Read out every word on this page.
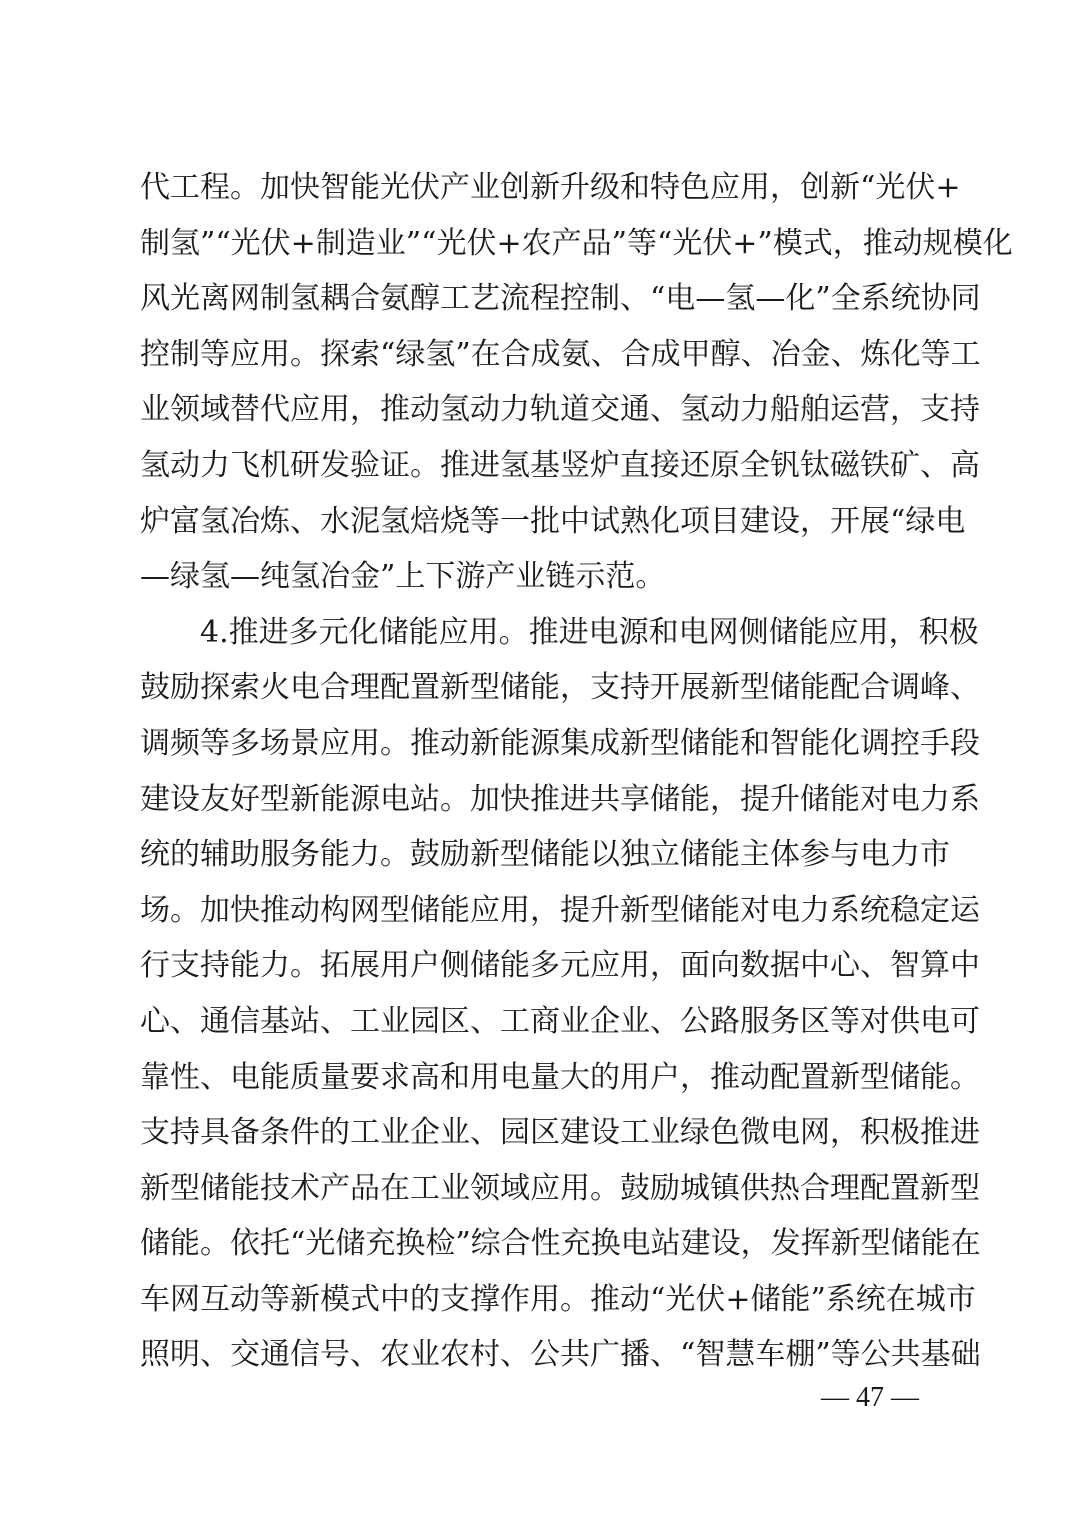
代工程。加快智能光伏产业创新升级和特色应用，创新“光伏+
制氢”“光伏+制造业”“光伏+农产品”等“光伏+”模式，推动规模化
风光离网制氢耦合氨醇工艺流程控制、“电—氢—化”全系统协同
控制等应用。探索“绿氢”在合成氨、合成甲醇、冶金、炼化等工
业领域替代应用，推动氢动力轨道交通、氢动力船舶运营，支持
氢动力飞机研发验证。推进氢基竖炉直接还原全钒钛磁铁矿、高
炉富氢冶炼、水泥氢焙烧等一批中试熟化项目建设，开展“绿电
—绿氢—纯氢冶金”上下游产业链示范。
4.推进多元化储能应用。推进电源和电网侧储能应用，积极
鼓励探索火电合理配置新型储能，支持开展新型储能配合调峰、
调频等多场景应用。推动新能源集成新型储能和智能化调控手段
建设友好型新能源电站。加快推进共享储能，提升储能对电力系
统的辅助服务能力。鼓励新型储能以独立储能主体参与电力市
场。加快推动构网型储能应用，提升新型储能对电力系统稳定运
行支持能力。拓展用户侧储能多元应用，面向数据中心、智算中
心、通信基站、工业园区、工商业企业、公路服务区等对供电可
靠性、电能质量要求高和用电量大的用户，推动配置新型储能。
支持具备条件的工业企业、园区建设工业绿色微电网，积极推进
新型储能技术产品在工业领域应用。鼓励城镇供热合理配置新型
储能。依托“光储充换检”综合性充换电站建设，发挥新型储能在
车网互动等新模式中的支撑作用。推动“光伏+储能”系统在城市
照明、交通信号、农业农村、公共广播、“智慧车棚”等公共基础
— 47 —
